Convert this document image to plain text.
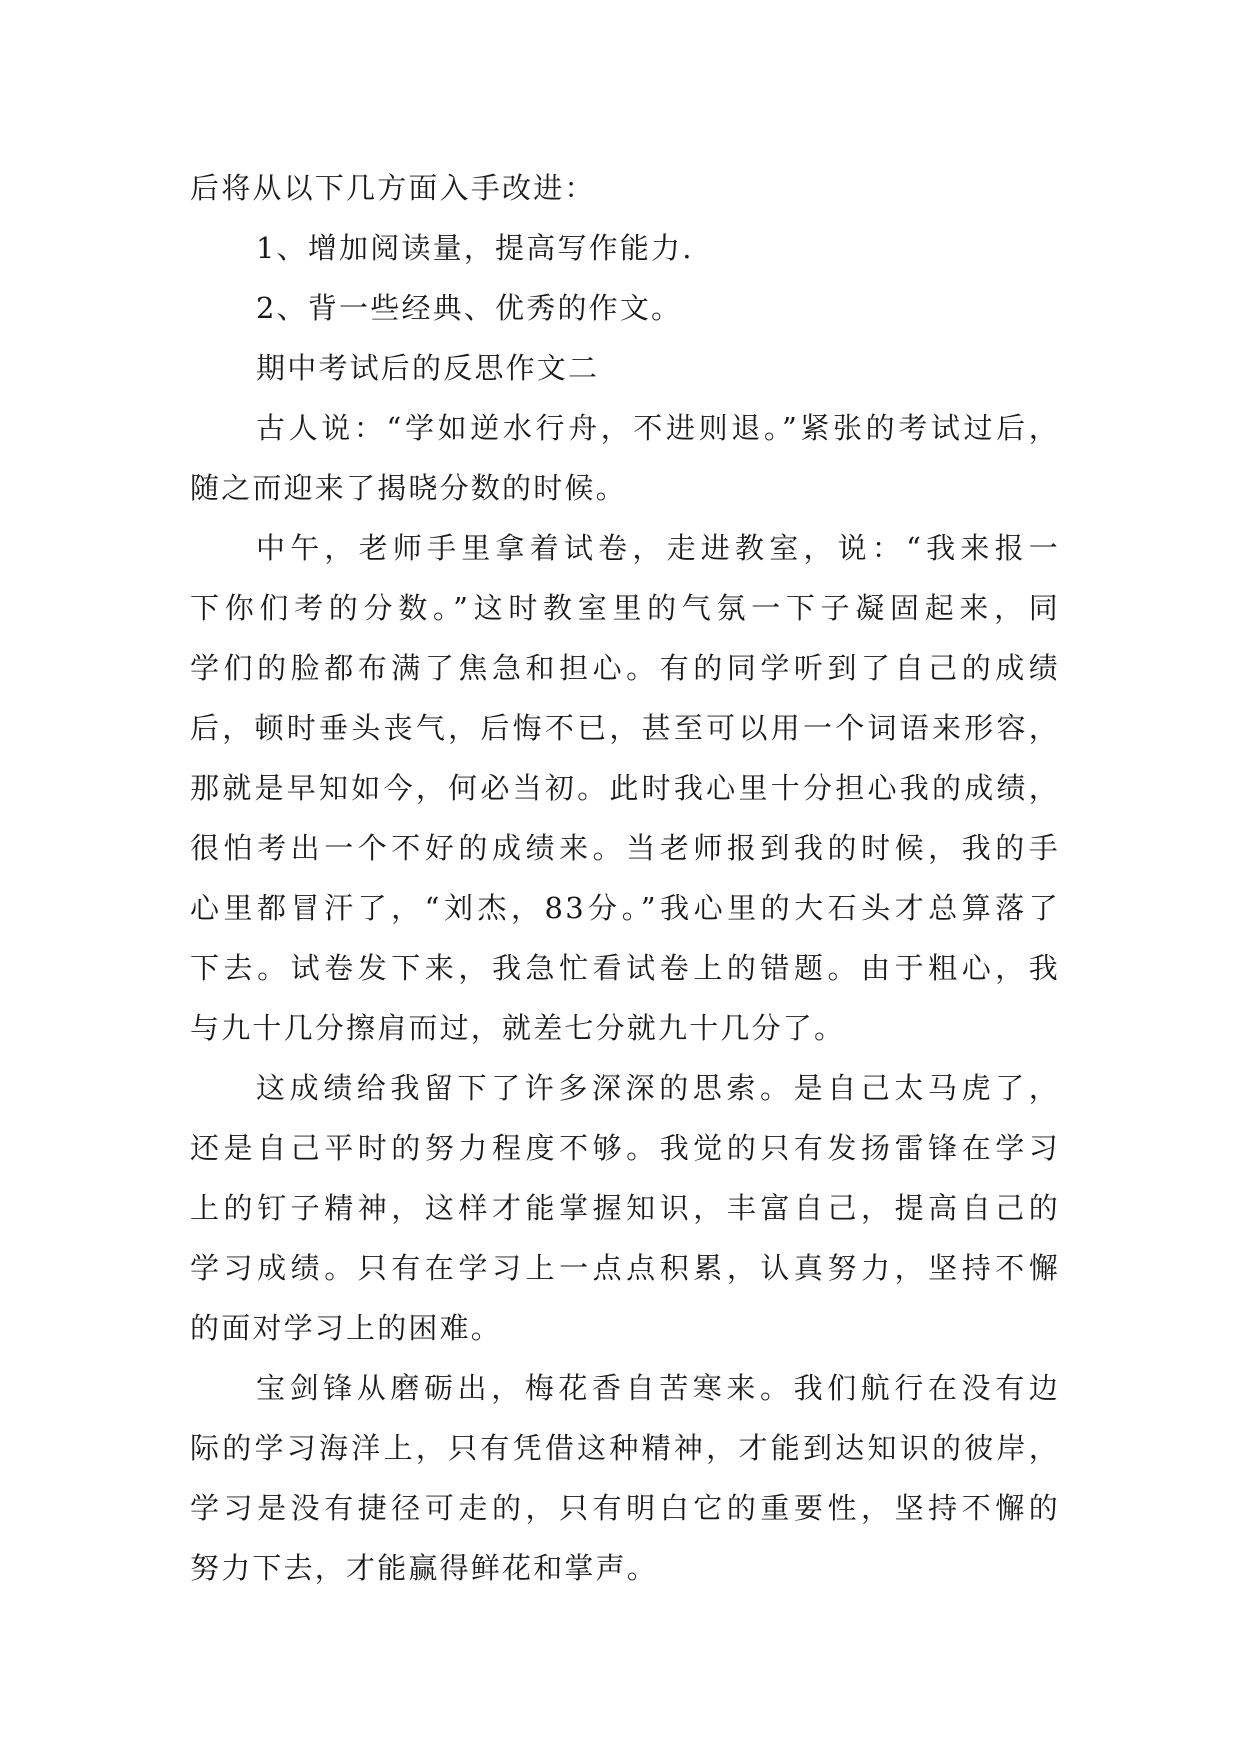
后将从以下几方面入手改进：
1、增加阅读量，提高写作能力.
2、背一些经典、优秀的作文。
期中考试后的反思作文二
古人说：“学如逆水行舟，不进则退。”紧张的考试过后，
随之而迎来了揭晓分数的时候。
中午，老师手里拿着试卷，走进教室，说：“我来报一
下你们考的分数。”这时教室里的气氛一下子凝固起来，同
学们的脸都布满了焦急和担心。有的同学听到了自己的成绩
后，顿时垂头丧气，后悔不已，甚至可以用一个词语来形容，
那就是早知如今，何必当初。此时我心里十分担心我的成绩，
很怕考出一个不好的成绩来。当老师报到我的时候，我的手
心里都冒汗了，“刘杰，83分。”我心里的大石头才总算落了
下去。试卷发下来，我急忙看试卷上的错题。由于粗心，我
与九十几分擦肩而过，就差七分就九十几分了。
这成绩给我留下了许多深深的思索。是自己太马虎了，
还是自己平时的努力程度不够。我觉的只有发扬雷锋在学习
上的钉子精神，这样才能掌握知识，丰富自己，提高自己的
学习成绩。只有在学习上一点点积累，认真努力，坚持不懈
的面对学习上的困难。
宝剑锋从磨砺出，梅花香自苦寒来。我们航行在没有边
际的学习海洋上，只有凭借这种精神，才能到达知识的彼岸，
学习是没有捷径可走的，只有明白它的重要性，坚持不懈的
努力下去，才能赢得鲜花和掌声。
